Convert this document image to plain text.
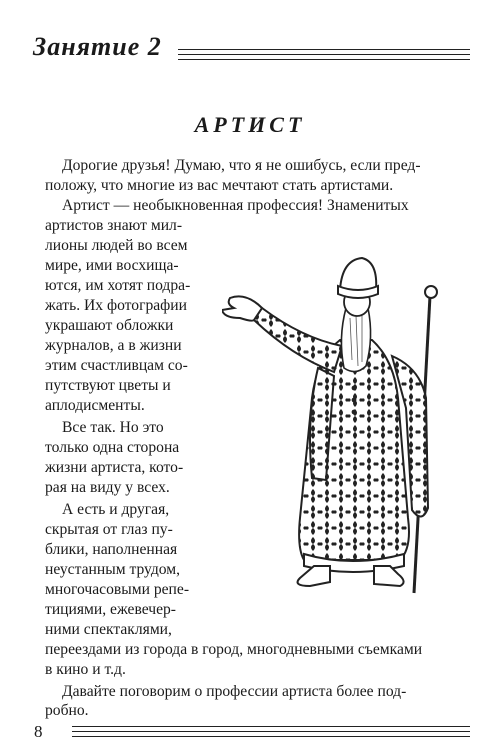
Занятие 2
АРТИСТ
Дорогие друзья! Думаю, что я не ошибусь, если пред-
положу, что многие из вас мечтают стать артистами.
Артист — необыкновенная профессия! Знаменитых
артистов знают мил-
лионы людей во всем
мире, ими восхища-
ются, им хотят подра-
жать. Их фотографии
украшают обложки
журналов, а в жизни
этим счастливцам со-
путствуют цветы и
аплодисменты.
Все так. Но это
только одна сторона
жизни артиста, кото-
рая на виду у всех.
А есть и другая,
скрытая от глаз пу-
блики, наполненная
неустанным трудом,
многочасовыми репе-
тициями, ежевечер-
ними спектаклями,
переездами из города в город, многодневными съемками
в кино и т.д.
Давайте поговорим о профессии артиста более под-
8
робно.
